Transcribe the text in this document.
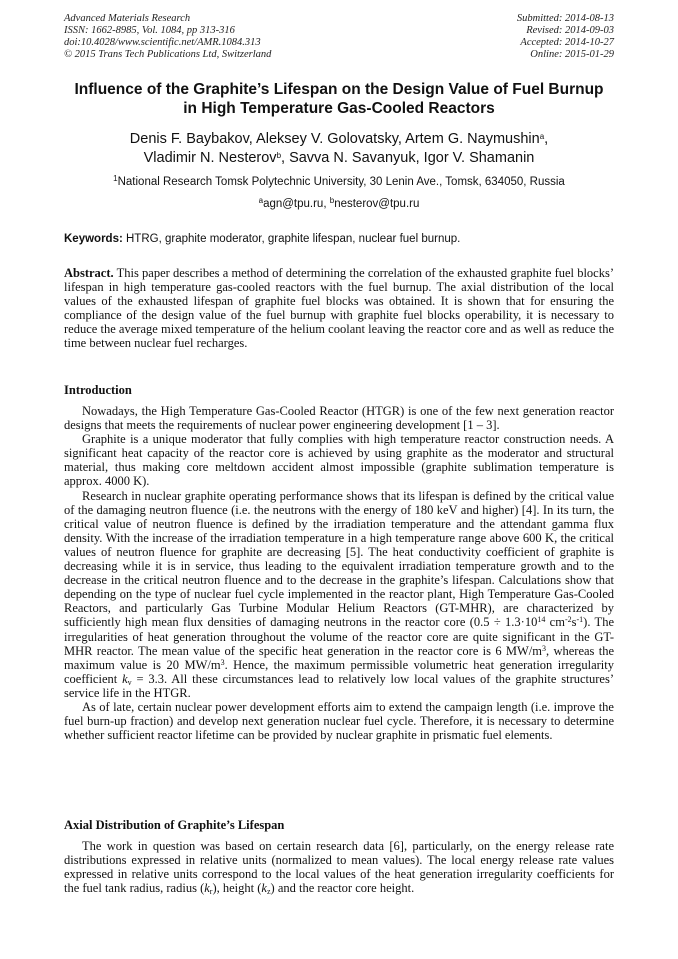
Advanced Materials Research
ISSN: 1662-8985, Vol. 1084, pp 313-316
doi:10.4028/www.scientific.net/AMR.1084.313
© 2015 Trans Tech Publications Ltd, Switzerland
Submitted: 2014-08-13
Revised: 2014-09-03
Accepted: 2014-10-27
Online: 2015-01-29
Influence of the Graphite’s Lifespan on the Design Value of Fuel Burnup
in High Temperature Gas-Cooled Reactors
Denis F. Baybakov, Aleksey V. Golovatsky, Artem G. Naymushin$^a$,
Vladimir N. Nesterov$^b$, Savva N. Savanyuk, Igor V. Shamanin
$^1$National Research Tomsk Polytechnic University, 30 Lenin Ave., Tomsk, 634050, Russia
$^a$agn@tpu.ru, $^b$nesterov@tpu.ru
Keywords: HTRG, graphite moderator, graphite lifespan, nuclear fuel burnup.

Abstract. This paper describes a method of determining the correlation of the exhausted graphite fuel blocks’ lifespan in high temperature gas-cooled reactors with the fuel burnup. The axial distribution of the local values of the exhausted lifespan of graphite fuel blocks was obtained. It is shown that for ensuring the compliance of the design value of the fuel burnup with graphite fuel blocks operability, it is necessary to reduce the average mixed temperature of the helium coolant leaving the reactor core and as well as reduce the time between nuclear fuel recharges.

Introduction

Nowadays, the High Temperature Gas-Cooled Reactor (HTGR) is one of the few next generation reactor designs that meets the requirements of nuclear power engineering development [1 – 3].

Graphite is a unique moderator that fully complies with high temperature reactor construction needs. A significant heat capacity of the reactor core is achieved by using graphite as the moderator and structural material, thus making core meltdown accident almost impossible (graphite sublimation temperature is approx. 4000 K).

Research in nuclear graphite operating performance shows that its lifespan is defined by the critical value of the damaging neutron fluence (i.e. the neutrons with the energy of 180 keV and higher) [4]. In its turn, the critical value of neutron fluence is defined by the irradiation temperature and the attendant gamma flux density. With the increase of the irradiation temperature in a high temperature range above 600 K, the critical values of neutron fluence for graphite are decreasing [5]. The heat conductivity coefficient of graphite is decreasing while it is in service, thus leading to the equivalent irradiation temperature growth and to the decrease in the critical neutron fluence and to the decrease in the graphite’s lifespan. Calculations show that depending on the type of nuclear fuel cycle implemented in the reactor plant, High Temperature Gas-Cooled Reactors, and particularly Gas Turbine Modular Helium Reactors (GT-MHR), are characterized by sufficiently high mean flux densities of damaging neutrons in the reactor core ($0.5 \div 1.3\cdot 10^{14}$ $cm^{-2}s^{-1}$). The irregularities of heat generation throughout the volume of the reactor core are quite significant in the GT-MHR reactor. The mean value of the specific heat generation in the reactor core is 6 $MW/m^3$, whereas the maximum value is 20 $MW/m^3$. Hence, the maximum permissible volumetric heat generation irregularity coefficient $k_v = 3.3$. All these circumstances lead to relatively low local values of the graphite structures’ service life in the HTGR.

As of late, certain nuclear power development efforts aim to extend the campaign length (i.e. improve the fuel burn-up fraction) and develop next generation nuclear fuel cycle. Therefore, it is necessary to determine whether sufficient reactor lifetime can be provided by nuclear graphite in prismatic fuel elements.

Axial Distribution of Graphite’s Lifespan

The work in question was based on certain research data [6], particularly, on the energy release rate distributions expressed in relative units (normalized to mean values). The local energy release rate values expressed in relative units correspond to the local values of the heat generation irregularity coefficients for the fuel tank radius, radius $(k_r)$, height $(k_z)$ and the reactor core height.
